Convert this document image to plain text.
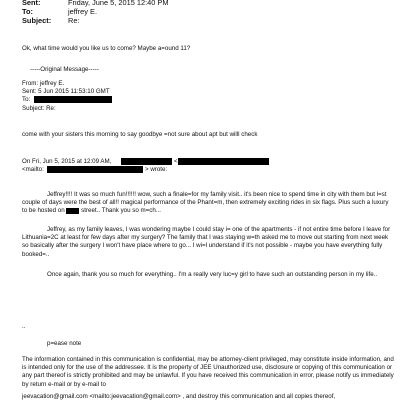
Sent:	Friday, June 5, 2015 12:40 PM
To:	jeffrey E.
Subject: Re:
Ok, what time would you like us to come? Maybe a=ound 11?
-----Original Message-----
From: jeffrey E.
Sent: 5 Jun 2015 11:53:10 GMT
To:
Subject: Re:
come with your sisters this morning to say goodbye =not sure about apt but willl check
On Fri, Jun 5, 2015 at 12:09 AM,	<
<mailto:	> wrote:
Jeffrey!!!! It was so much fun!!!!!! wow, such a finale=for my family visit.. it's been nice to spend time in city with them but l=st couple of days were the best of all!! magical performance of the Phant=m, then extremely exciting rides in six flags. Plus such a luxury to be hosted on	street.. Thank you so m=ch...
Jeffrey, as my family leaves, I was wondering maybe I could stay i= one of the apartments - if not entire time before I leave for Lithuania=2C at least for few days after my surgery? The family that I was staying w=th asked me to move out starting from next week so basically after the surgery I won't have place where to go... I wi=l understand if it's not possible - maybe you have everything fully booked=..
Once again, thank you so much for everything.. I'm a really very luc=y girl to have such an outstanding person in my life..
..
p=ease note
The information contained in this communication is confidential, may be attorney-client privileged, may constitute inside information, and is intended only for the use of the addressee. It is the property of JEE Unauthorized use, disclosure or copying of this communication or any part thereof is strictly prohibited and may be unlawful. If you have received this communication in error, please notify us immediately by return e-mail or by e-mail to
jeevacation@gmail.com <mailto:jeevacation@gmail.com> , and destroy this communication and all copies thereof,
